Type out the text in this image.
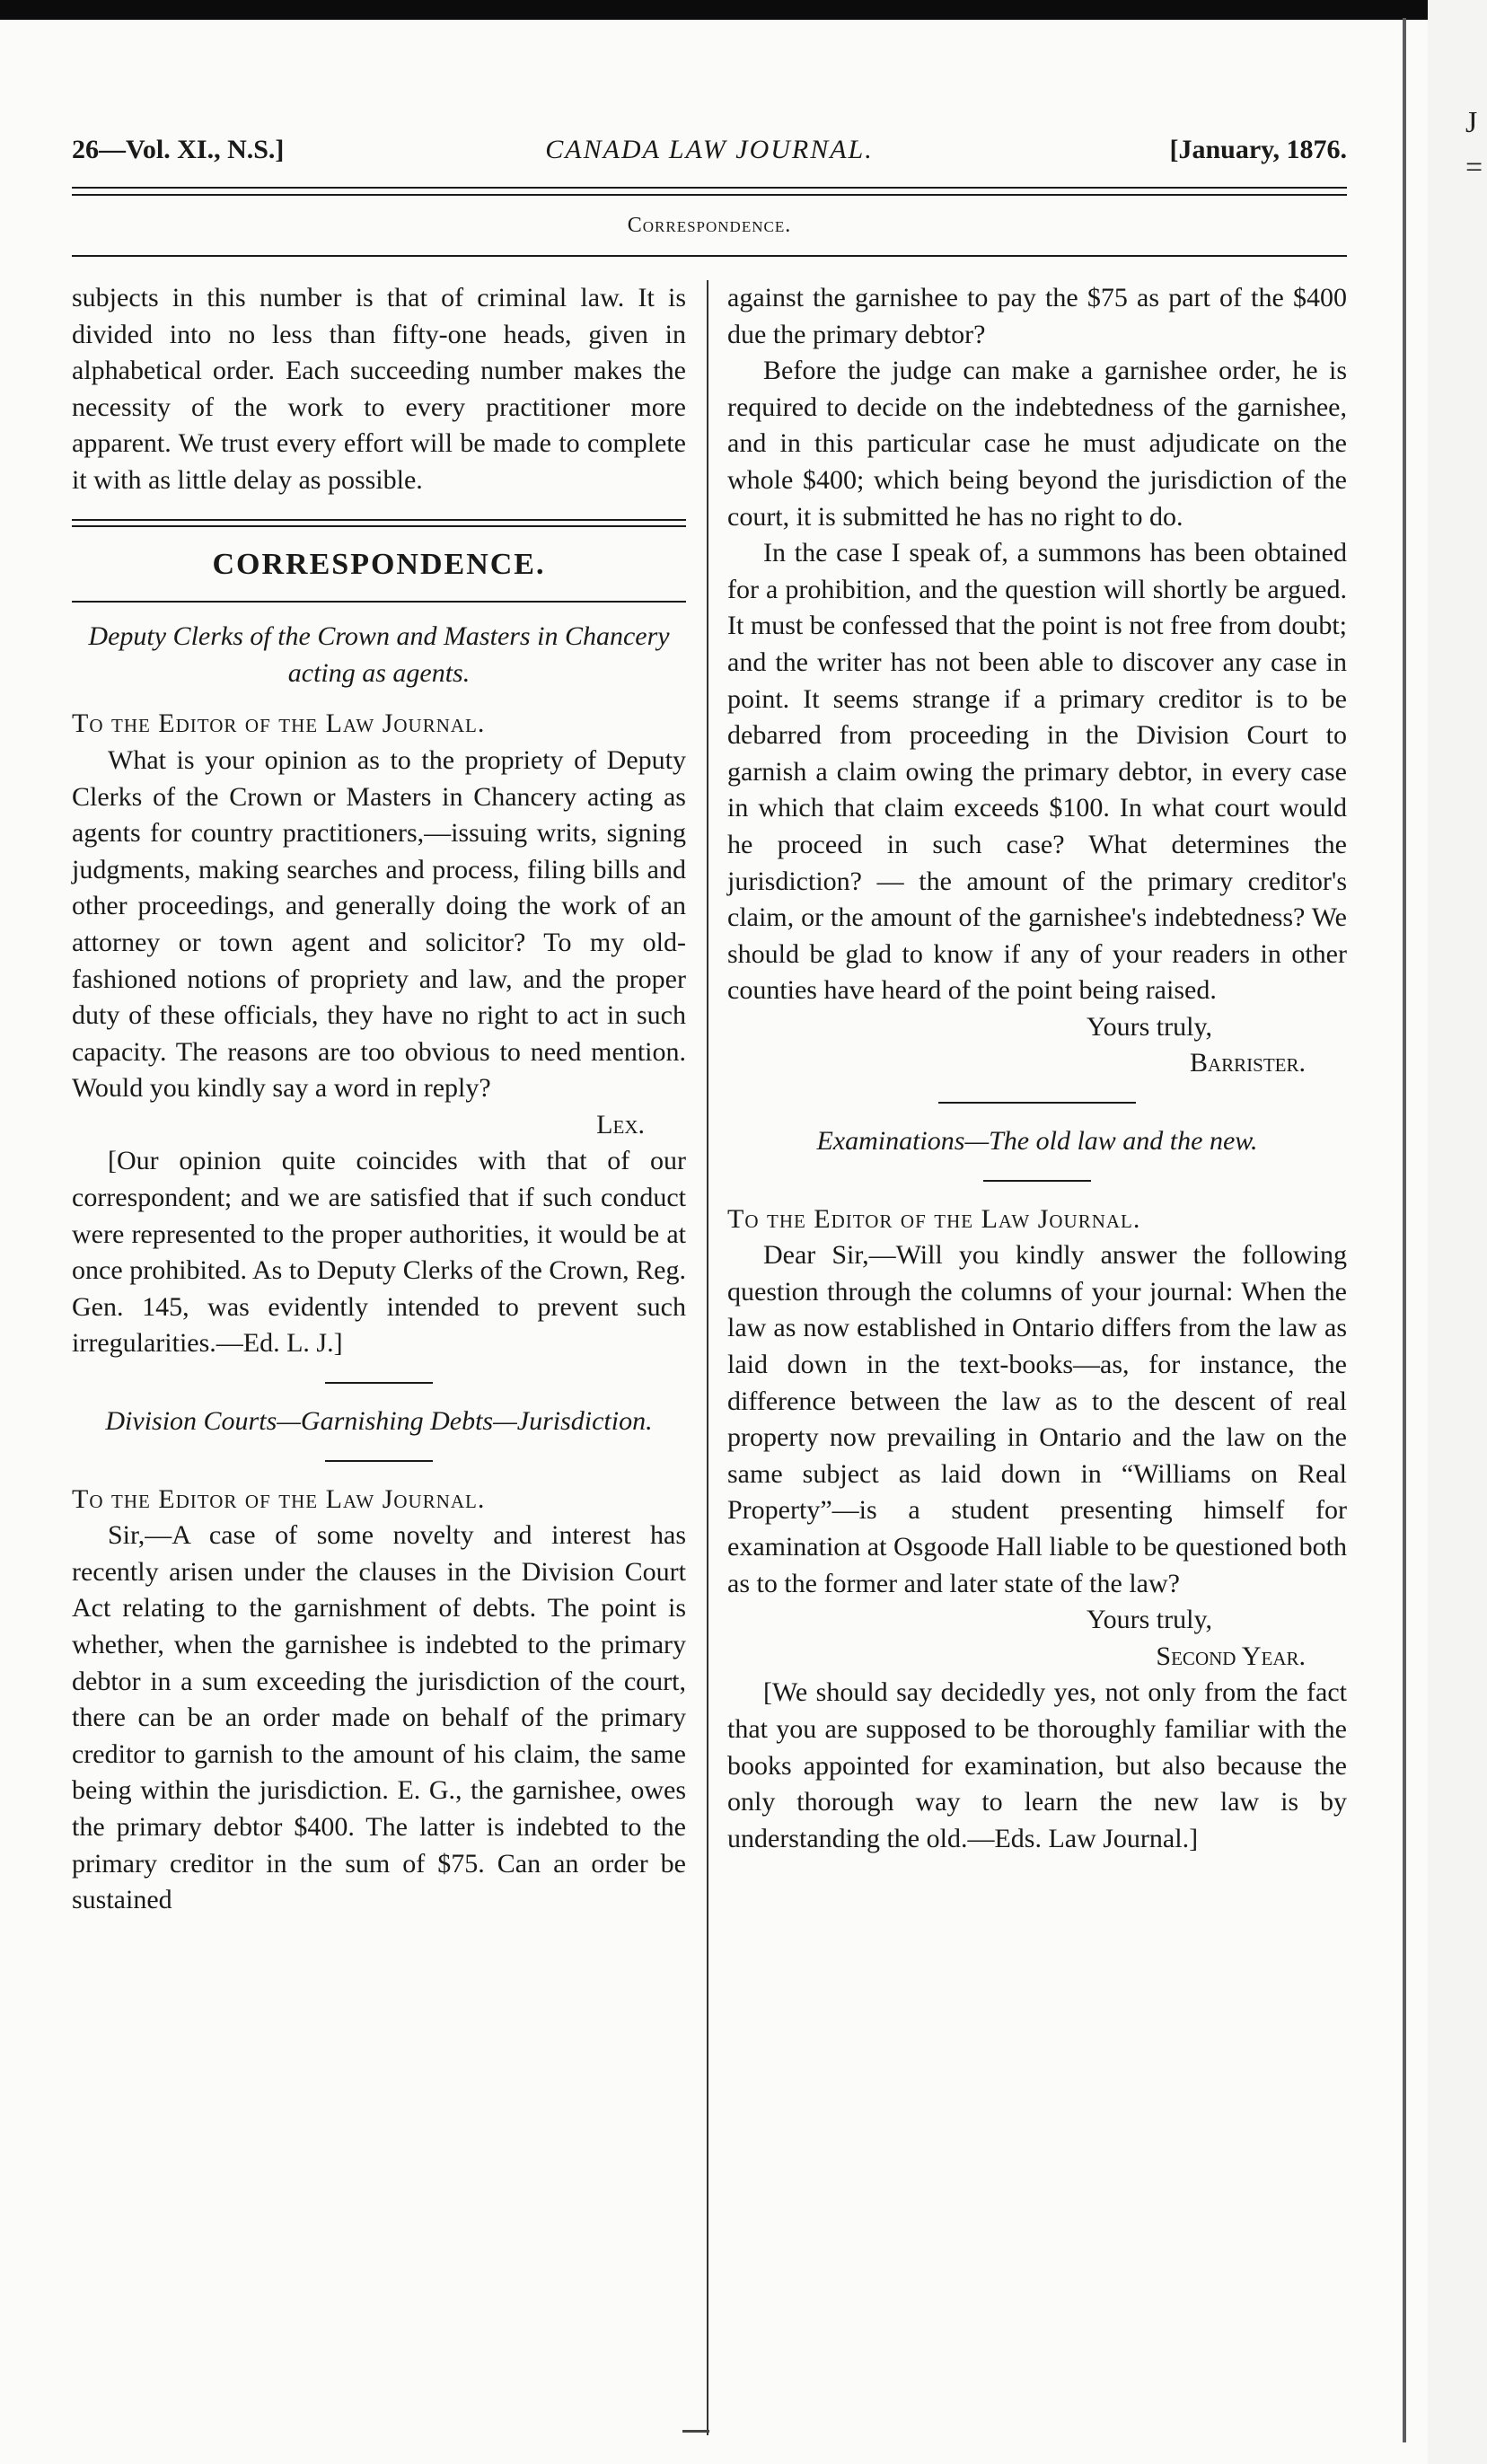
J
=
26—Vol. XI., N.S.]	CANADA LAW JOURNAL.	[January, 1876.
Correspondence.

subjects in this number is that of criminal law. It is divided into no less than fifty-one heads, given in alphabetical order. Each succeeding number makes the necessity of the work to every practitioner more apparent. We trust every effort will be made to complete it with as little delay as possible.

CORRESPONDENCE.

Deputy Clerks of the Crown and Masters in Chancery acting as agents.

To the Editor of the Law Journal.

What is your opinion as to the propriety of Deputy Clerks of the Crown or Masters in Chancery acting as agents for country practitioners,—issuing writs, signing judgments, making searches and process, filing bills and other proceedings, and generally doing the work of an attorney or town agent and solicitor? To my old-fashioned notions of propriety and law, and the proper duty of these officials, they have no right to act in such capacity. The reasons are too obvious to need mention. Would you kindly say a word in reply?

Lex.

[Our opinion quite coincides with that of our correspondent; and we are satisfied that if such conduct were represented to the proper authorities, it would be at once prohibited. As to Deputy Clerks of the Crown, Reg. Gen. 145, was evidently intended to prevent such irregularities.—Ed. L. J.]

Division Courts—Garnishing Debts—Jurisdiction.

To the Editor of the Law Journal.

Sir,—A case of some novelty and interest has recently arisen under the clauses in the Division Court Act relating to the garnishment of debts. The point is whether, when the garnishee is indebted to the primary debtor in a sum exceeding the jurisdiction of the court, there can be an order made on behalf of the primary creditor to garnish to the amount of his claim, the same being within the jurisdiction. E. G., the garnishee, owes the primary debtor $400. The latter is indebted to the primary creditor in the sum of $75. Can an order be sustained

against the garnishee to pay the $75 as part of the $400 due the primary debtor?

Before the judge can make a garnishee order, he is required to decide on the indebtedness of the garnishee, and in this particular case he must adjudicate on the whole $400; which being beyond the jurisdiction of the court, it is submitted he has no right to do.

In the case I speak of, a summons has been obtained for a prohibition, and the question will shortly be argued. It must be confessed that the point is not free from doubt; and the writer has not been able to discover any case in point. It seems strange if a primary creditor is to be debarred from proceeding in the Division Court to garnish a claim owing the primary debtor, in every case in which that claim exceeds $100. In what court would he proceed in such case? What determines the jurisdiction? — the amount of the primary creditor's claim, or the amount of the garnishee's indebtedness? We should be glad to know if any of your readers in other counties have heard of the point being raised.

Yours truly,

Barrister.

Examinations—The old law and the new.

To the Editor of the Law Journal.

Dear Sir,—Will you kindly answer the following question through the columns of your journal: When the law as now established in Ontario differs from the law as laid down in the text-books—as, for instance, the difference between the law as to the descent of real property now prevailing in Ontario and the law on the same subject as laid down in “Williams on Real Property”—is a student presenting himself for examination at Osgoode Hall liable to be questioned both as to the former and later state of the law?

Yours truly,

Second Year.

[We should say decidedly yes, not only from the fact that you are supposed to be thoroughly familiar with the books appointed for examination, but also because the only thorough way to learn the new law is by understanding the old.—Eds. Law Journal.]
